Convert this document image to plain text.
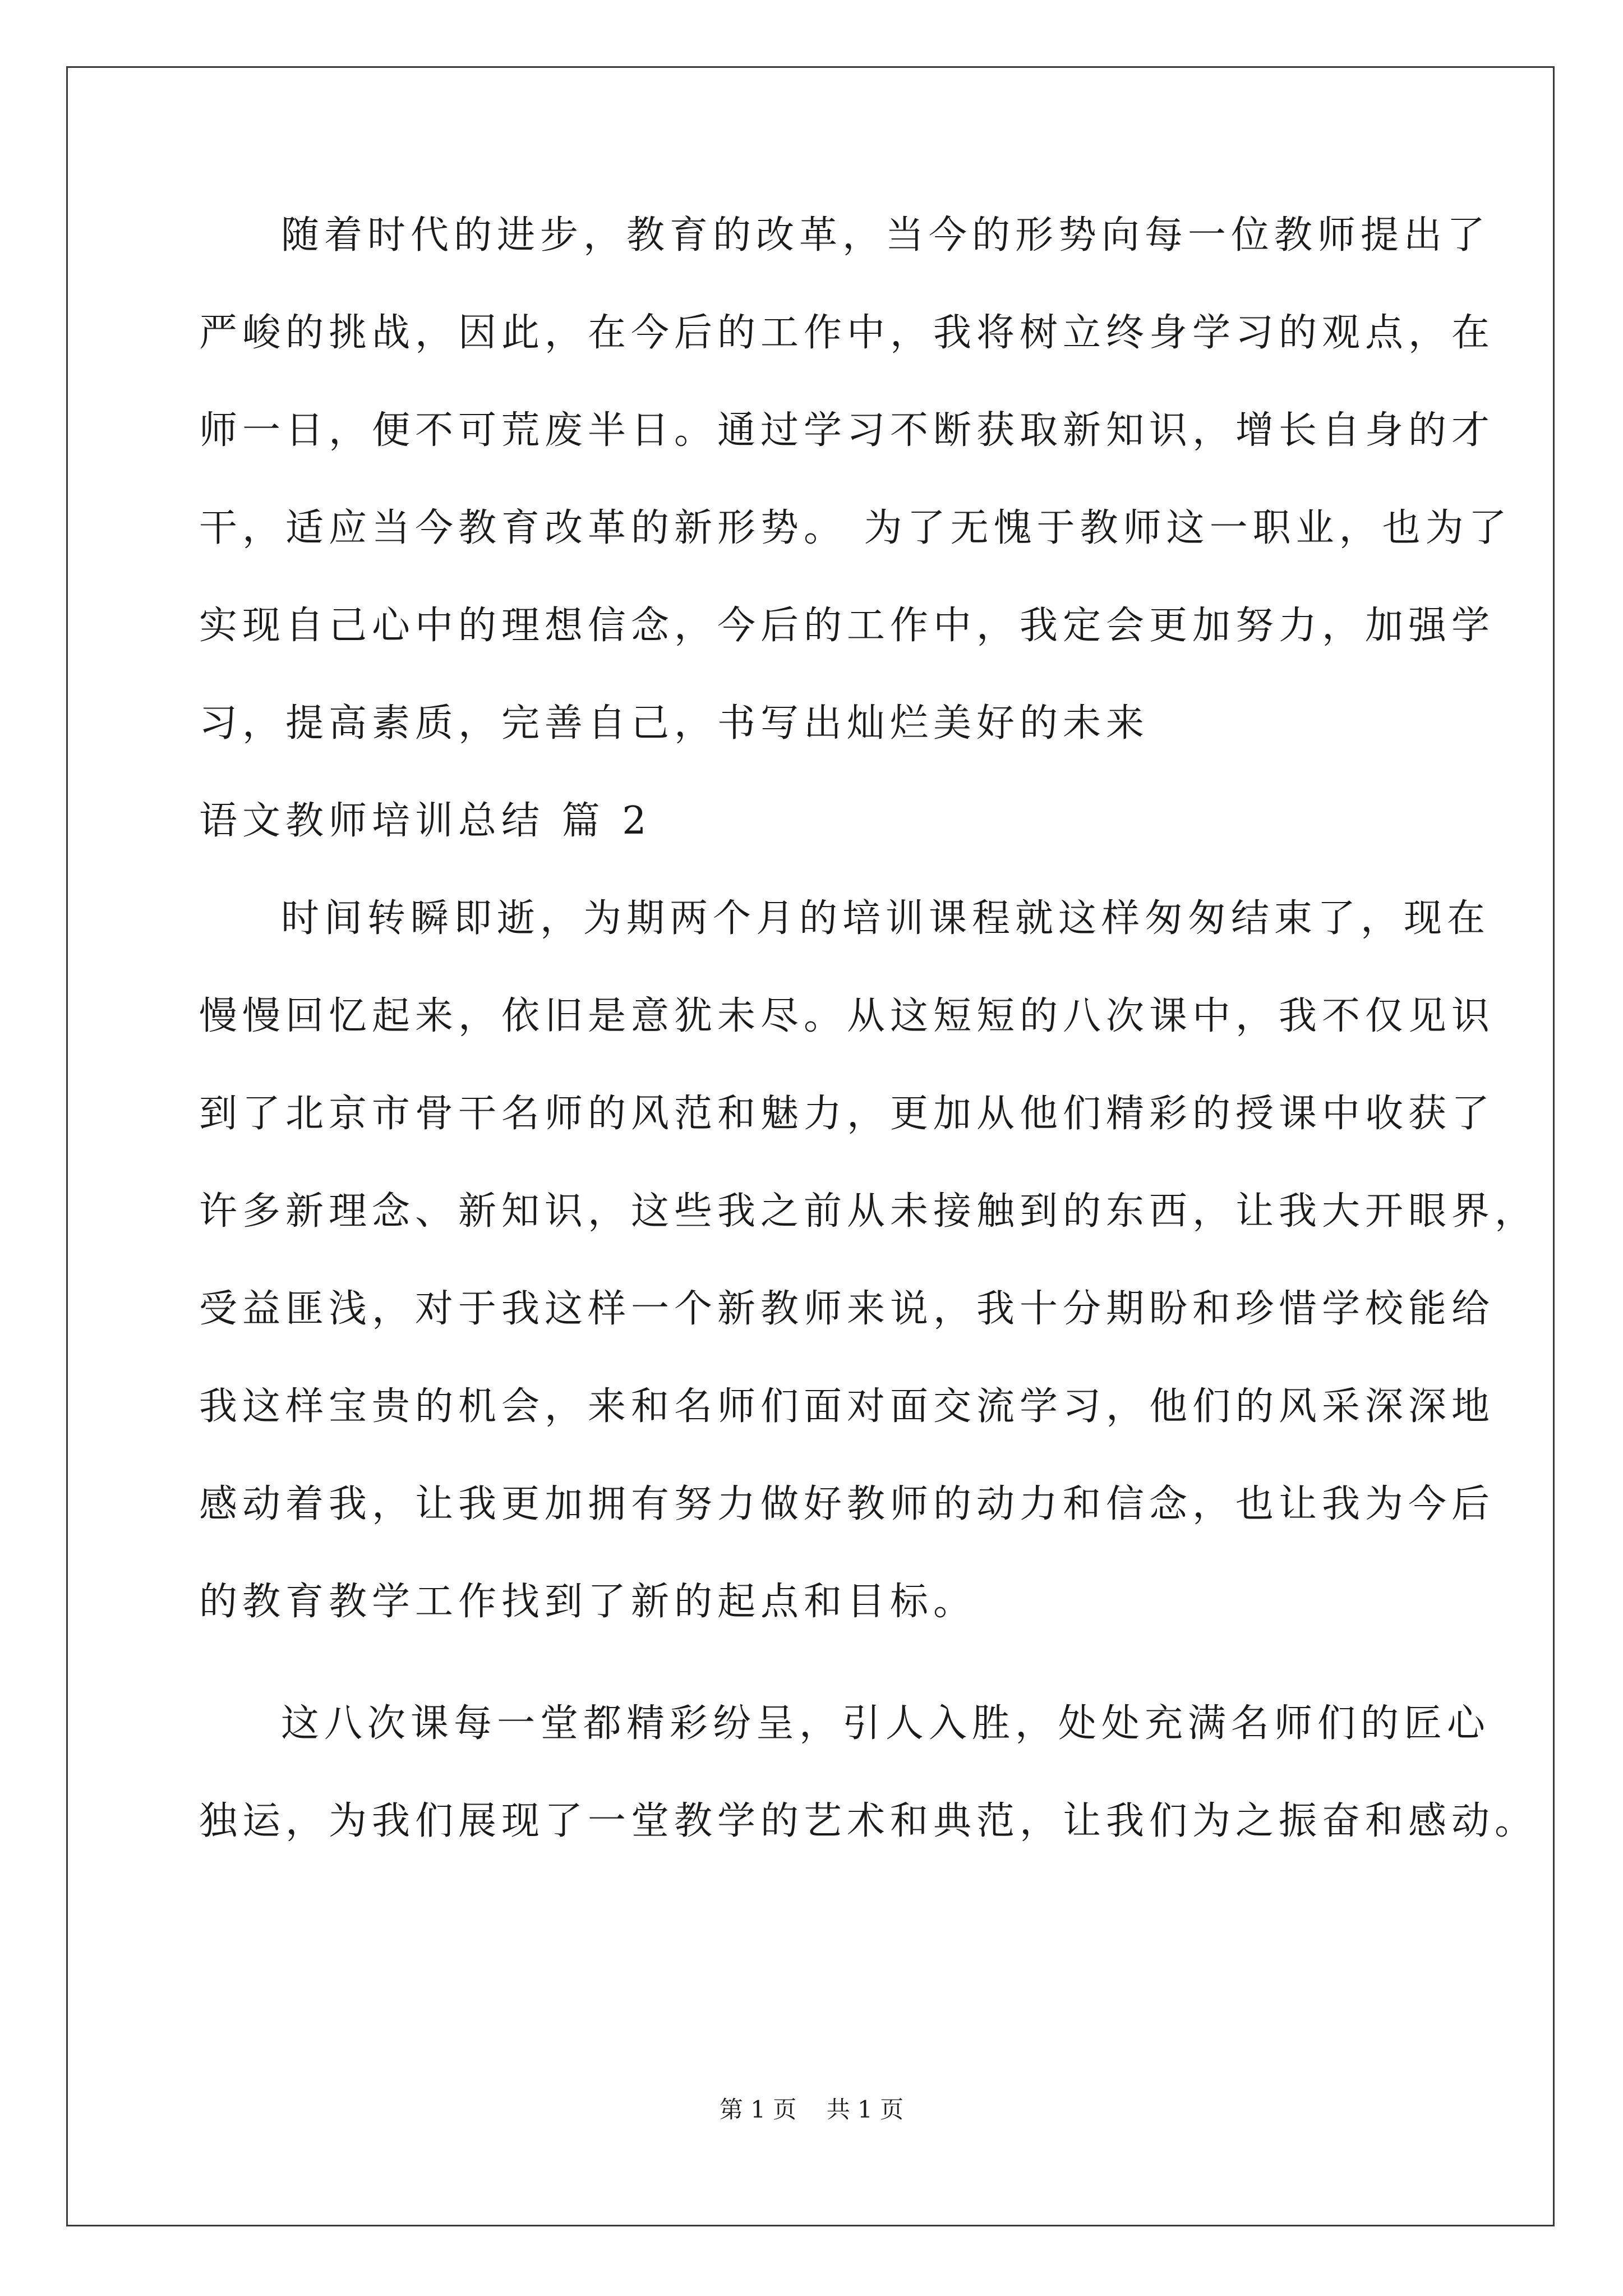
随着时代的进步，教育的改革，当今的形势向每一位教师提出了
严峻的挑战，因此，在今后的工作中，我将树立终身学习的观点，在
师一日，便不可荒废半日。通过学习不断获取新知识，增长自身的才
干，适应当今教育改革的新形势。 为了无愧于教师这一职业，也为了
实现自己心中的理想信念，今后的工作中，我定会更加努力，加强学
习，提高素质，完善自己，书写出灿烂美好的未来
语文教师培训总结 篇 2
时间转瞬即逝，为期两个月的培训课程就这样匆匆结束了，现在
慢慢回忆起来，依旧是意犹未尽。从这短短的八次课中，我不仅见识
到了北京市骨干名师的风范和魅力，更加从他们精彩的授课中收获了
许多新理念、新知识，这些我之前从未接触到的东西，让我大开眼界，
受益匪浅，对于我这样一个新教师来说，我十分期盼和珍惜学校能给
我这样宝贵的机会，来和名师们面对面交流学习，他们的风采深深地
感动着我，让我更加拥有努力做好教师的动力和信念，也让我为今后
的教育教学工作找到了新的起点和目标。
这八次课每一堂都精彩纷呈，引人入胜，处处充满名师们的匠心
独运，为我们展现了一堂教学的艺术和典范，让我们为之振奋和感动。
第 1 页    共 1 页
